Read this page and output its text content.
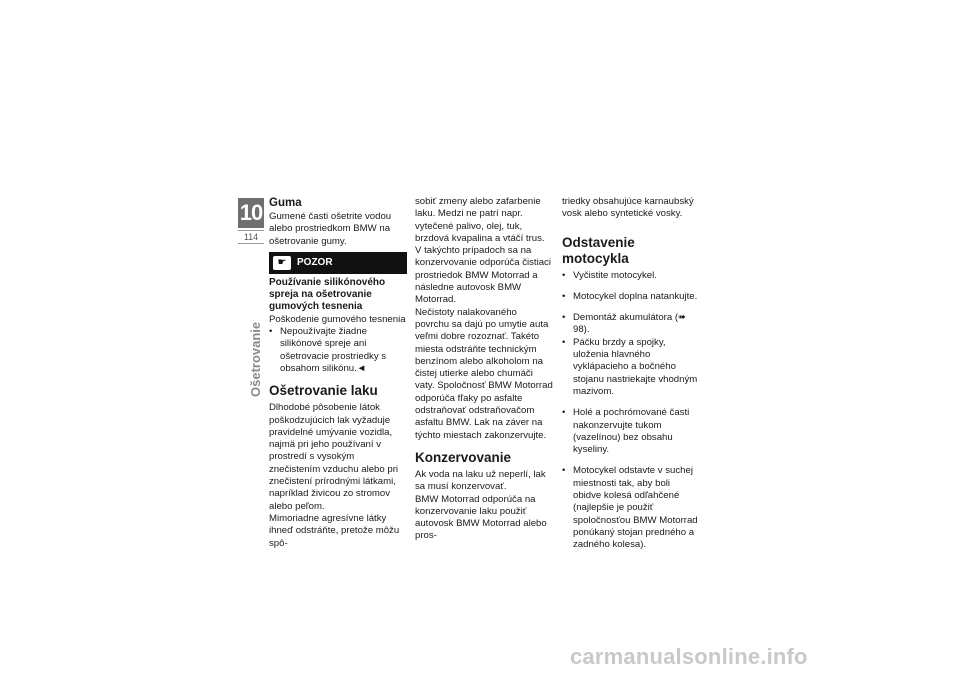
10
114
Ošetrovanie
Guma

Gumené časti ošetrite vodou alebo prostriedkom BMW na ošetrovanie gumy.

☛	POZOR
Používanie silikónového spreja na ošetrovanie gumových tesnenia

Poškodenie gumového tesnenia

• Nepoužívajte žiadne silikónové spreje ani ošetrovacie prostriedky s obsahom silikónu.◄
Ošetrovanie laku

Dlhodobé pôsobenie látok poškodzujúcich lak vyžaduje pravidelné umývanie vozidla, najmä pri jeho používaní v prostredí s vysokým znečistením vzduchu alebo pri znečistení prírodnými látkami, napríklad živicou zo stromov alebo peľom.

Mimoriadne agresívne látky ihneď odstráňte, pretože môžu spô-

sobiť zmeny alebo zafarbenie laku. Medzi ne patrí napr. vytečené palivo, olej, tuk, brzdová kvapalina a vtáčí trus. V takýchto prípadoch sa na konzervovanie odporúča čistiaci prostriedok BMW Motorrad a následne autovosk BMW Motorrad.

Nečistoty nalakovaného povrchu sa dajú po umytie auta veľmi dobre rozoznať. Takéto miesta odstráňte technickým benzínom alebo alkoholom na čistej utierke alebo chumáči vaty. Spoločnosť BMW Motorrad odporúča fľaky po asfalte odstraňovať odstraňovačom asfaltu BMW. Lak na záver na týchto miestach zakonzervujte.

Konzervovanie

Ak voda na laku už neperlí, lak sa musí konzervovať.

BMW Motorrad odporúča na konzervovanie laku použiť autovosk BMW Motorrad alebo pros-

triedky obsahujúce karnaubský vosk alebo syntetické vosky.

Odstavenie motocykla
• Vyčistite motocykel.
• Motocykel doplna natankujte.
• Demontáž akumulátora (➠ 98).
• Páčku brzdy a spojky, uloženia hlavného vyklápacieho a bočného stojanu nastriekajte vhodným mazivom.
• Holé a pochrómované časti nakonzervujte tukom (vazelínou) bez obsahu kyseliny.
• Motocykel odstavte v suchej miestnosti tak, aby boli obidve kolesá odľahčené (najlepšie je použiť spoločnosťou BMW Motorrad ponúkaný stojan predného a zadného kolesa).
carmanualsonline.info
